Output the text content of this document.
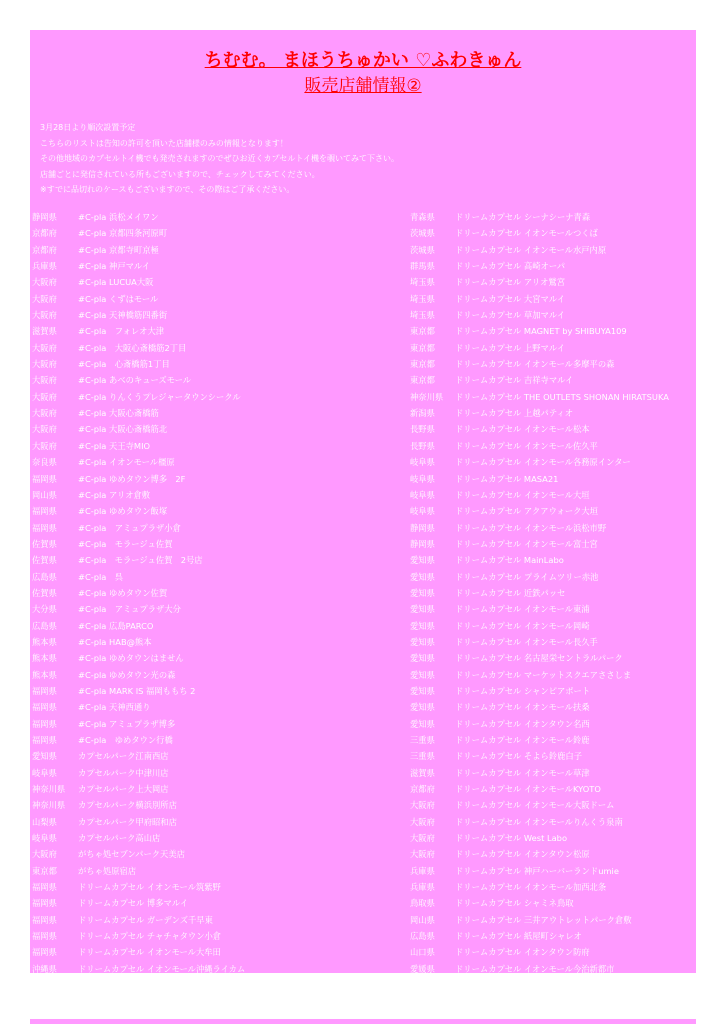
ちむむ。 まほうちゅかい ♡ふわきゅん
販売店舗情報②
3月28日より順次設置予定
こちらのリストは告知の許可を頂いた店舗様のみの情報となります！
その他地域のカプセルトイ機でも発売されますのでぜひお近くカプセルトイ機を覗いてみて下さい。
店舗ごとに発信されている所もございますので、チェックしてみてください。
※すでに品切れのケースもございますので、その際はご了承ください。
静岡県	#C-pla 浜松メイワン
京都府	#C-pla 京都四条河原町
京都府	#C-pla 京都寺町京極
兵庫県	#C-pla 神戸マルイ
大阪府	#C-pla LUCUA大阪
大阪府	#C-pla くずはモール
大阪府	#C-pla 天神橋筋四番街
滋賀県	#C-pla　フォレオ大津
大阪府	#C-pla　大阪心斎橋筋2丁目
大阪府	#C-pla　心斎橋筋1丁目
大阪府	#C-pla あべのキューズモール
大阪府	#C-pla りんくうプレジャータウンシークル
大阪府	#C-pla 大阪心斎橋筋
大阪府	#C-pla 大阪心斎橋筋北
大阪府	#C-pla 天王寺MIO
奈良県	#C-pla イオンモール橿原
福岡県	#C-pla ゆめタウン博多　2F
岡山県	#C-pla アリオ倉敷
福岡県	#C-pla ゆめタウン飯塚
福岡県	#C-pla　アミュプラザ小倉
佐賀県	#C-pla　モラージュ佐賀
佐賀県	#C-pla　モラージュ佐賀　2号店
広島県	#C-pla　呉
佐賀県	#C-pla ゆめタウン佐賀
大分県	#C-pla　アミュプラザ大分
広島県	#C-pla 広島PARCO
熊本県	#C-pla HAB@熊本
熊本県	#C-pla ゆめタウンはません
熊本県	#C-pla ゆめタウン光の森
福岡県	#C-pla MARK IS 福岡ももち 2
福岡県	#C-pla 天神西通り
福岡県	#C-pla アミュプラザ博多
福岡県	#C-pla　ゆめタウン行橋
愛知県	カプセルパーク江南西店
岐阜県	カプセルパーク中津川店
神奈川県	カプセルパーク上大岡店
神奈川県	カプセルパーク横浜別所店
山梨県	カプセルパーク甲府昭和店
岐阜県	カプセルパーク高山店
大阪府	がちゃ処セブンパーク天美店
東京都	がちゃ処原宿店
福岡県	ドリームカプセル イオンモール筑紫野
福岡県	ドリームカプセル 博多マルイ
福岡県	ドリームカプセル ガーデンズ千早東
福岡県	ドリームカプセル チャチャタウン小倉
福岡県	ドリームカプセル イオンモール大牟田
沖縄県	ドリームカプセル イオンモール沖縄ライカム
沖縄県	ドリームカプセル マックスバリュやいま
青森県	ドリームカプセル シーナシーナ青森
茨城県	ドリームカプセル イオンモールつくば
茨城県	ドリームカプセル イオンモール水戸内原
群馬県	ドリームカプセル 高崎オーパ
埼玉県	ドリームカプセル アリオ鷲宮
埼玉県	ドリームカプセル 大宮マルイ
埼玉県	ドリームカプセル 草加マルイ
東京都	ドリームカプセル MAGNET by SHIBUYA109
東京都	ドリームカプセル 上野マルイ
東京都	ドリームカプセル イオンモール多摩平の森
東京都	ドリームカプセル 吉祥寺マルイ
神奈川県	ドリームカプセル THE OUTLETS SHONAN HIRATSUKA
新潟県	ドリームカプセル 上越パティオ
長野県	ドリームカプセル イオンモール松本
長野県	ドリームカプセル イオンモール佐久平
岐阜県	ドリームカプセル イオンモール各務原インター
岐阜県	ドリームカプセル MASA21
岐阜県	ドリームカプセル イオンモール大垣
岐阜県	ドリームカプセル アクアウォーク大垣
静岡県	ドリームカプセル イオンモール浜松市野
静岡県	ドリームカプセル イオンモール富士宮
愛知県	ドリームカプセル MainLabo
愛知県	ドリームカプセル プライムツリー赤池
愛知県	ドリームカプセル 近鉄パッセ
愛知県	ドリームカプセル イオンモール東浦
愛知県	ドリームカプセル イオンモール岡崎
愛知県	ドリームカプセル イオンモール長久手
愛知県	ドリームカプセル 名古屋栄セントラルパーク
愛知県	ドリームカプセル マーケットスクエアささしま
愛知県	ドリームカプセル シャンピアポート
愛知県	ドリームカプセル イオンモール扶桑
愛知県	ドリームカプセル イオンタウン名西
三重県	ドリームカプセル イオンモール鈴鹿
三重県	ドリームカプセル そよら鈴鹿白子
滋賀県	ドリームカプセル イオンモール草津
京都府	ドリームカプセル イオンモールKYOTO
大阪府	ドリームカプセル イオンモール大阪ドーム
大阪府	ドリームカプセル イオンモールりんくう泉南
大阪府	ドリームカプセル West Labo
大阪府	ドリームカプセル イオンタウン松原
兵庫県	ドリームカプセル 神戸ハーバーランドumie
兵庫県	ドリームカプセル イオンモール加西北条
鳥取県	ドリームカプセル シャミネ鳥取
岡山県	ドリームカプセル 三井アウトレットパーク倉敷
広島県	ドリームカプセル 紙屋町シャレオ
山口県	ドリームカプセル イオンタウン防府
愛媛県	ドリームカプセル イオンモール今治新都市
高知県	ドリームカプセル 高知アベニュー
